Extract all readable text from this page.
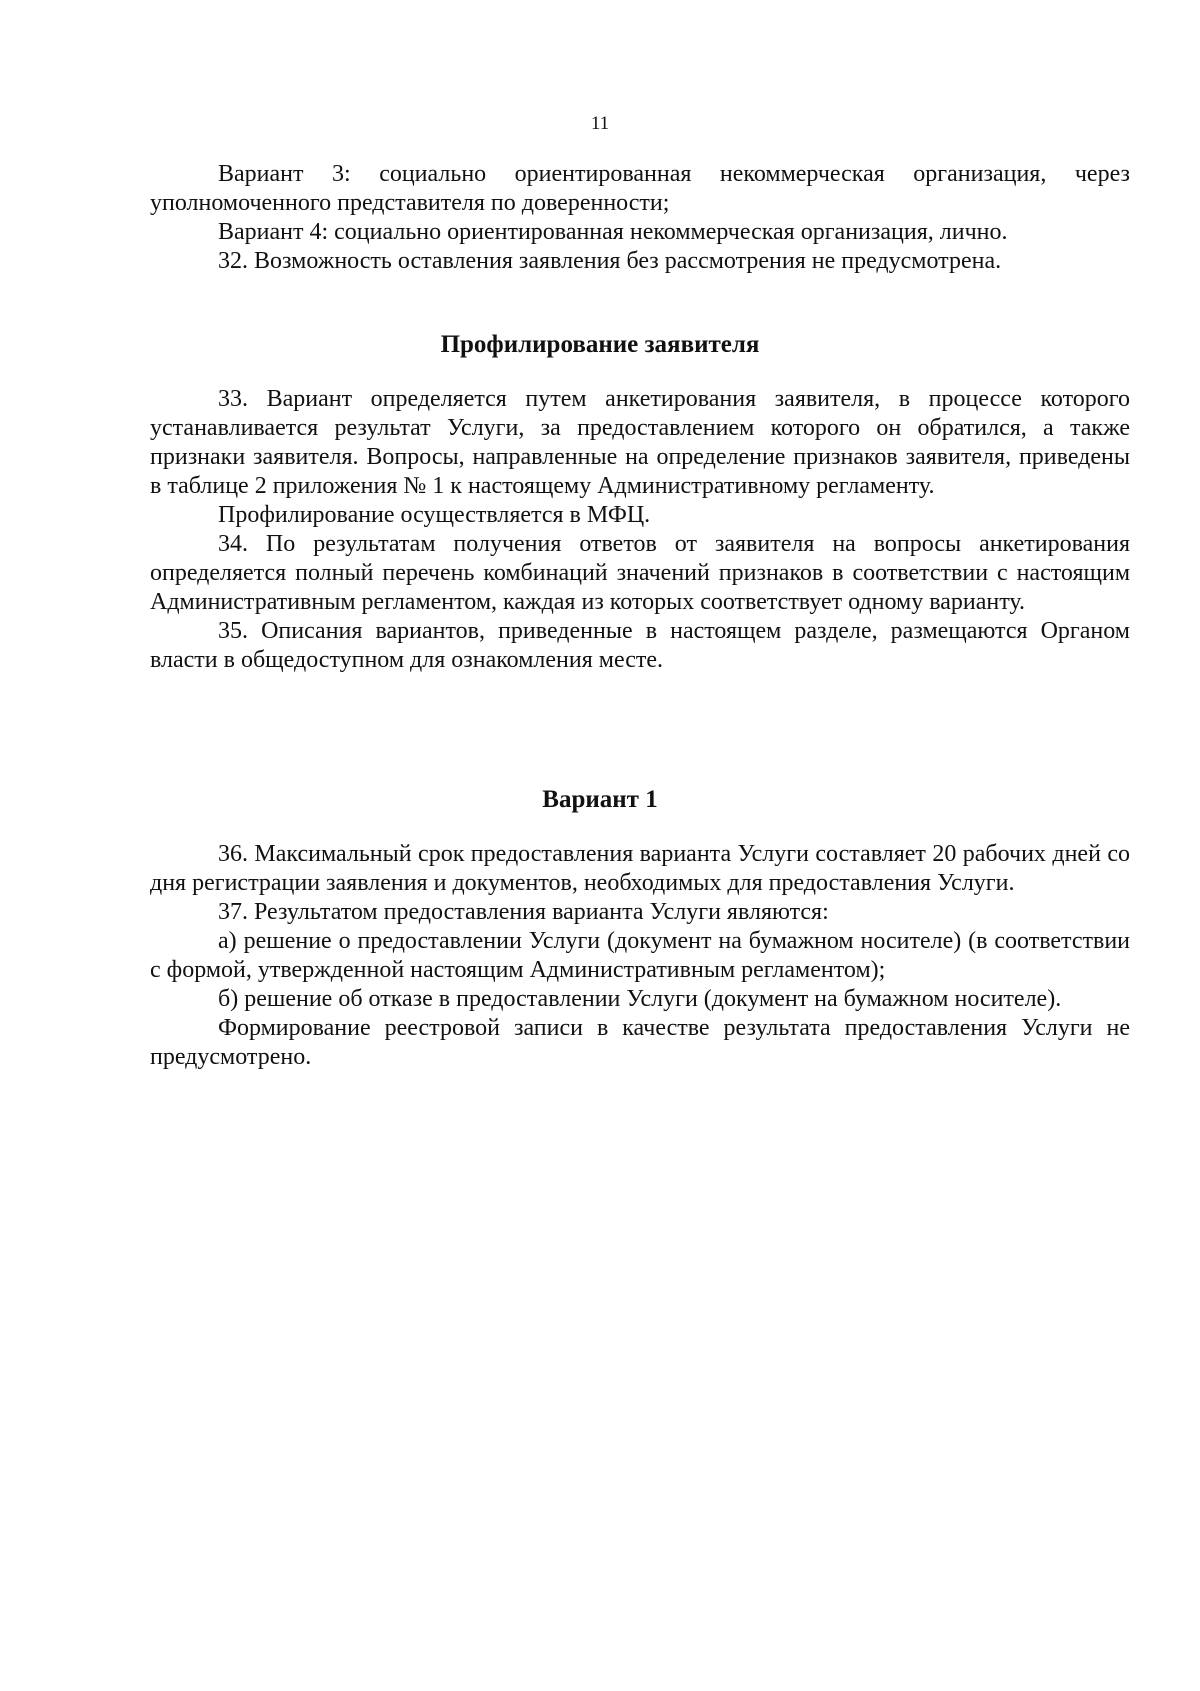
11

Вариант 3: социально ориентированная некоммерческая организация, через уполномоченного представителя по доверенности;

Вариант 4: социально ориентированная некоммерческая организация, лично.

32. Возможность оставления заявления без рассмотрения не предусмотрена.

Профилирование заявителя

33. Вариант определяется путем анкетирования заявителя, в процессе которого устанавливается результат Услуги, за предоставлением которого он обратился, а также признаки заявителя. Вопросы, направленные на определение признаков заявителя, приведены в таблице 2 приложения № 1 к настоящему Административному регламенту.

Профилирование осуществляется в МФЦ.

34. По результатам получения ответов от заявителя на вопросы анкетирования определяется полный перечень комбинаций значений признаков в соответствии с настоящим Административным регламентом, каждая из которых соответствует одному варианту.

35. Описания вариантов, приведенные в настоящем разделе, размещаются Органом власти в общедоступном для ознакомления месте.

Вариант 1

36. Максимальный срок предоставления варианта Услуги составляет 20 рабочих дней со дня регистрации заявления и документов, необходимых для предоставления Услуги.

37. Результатом предоставления варианта Услуги являются:

а) решение о предоставлении Услуги (документ на бумажном носителе) (в соответствии с формой, утвержденной настоящим Административным регламентом);

б) решение об отказе в предоставлении Услуги (документ на бумажном носителе).

Формирование реестровой записи в качестве результата предоставления Услуги не предусмотрено.
